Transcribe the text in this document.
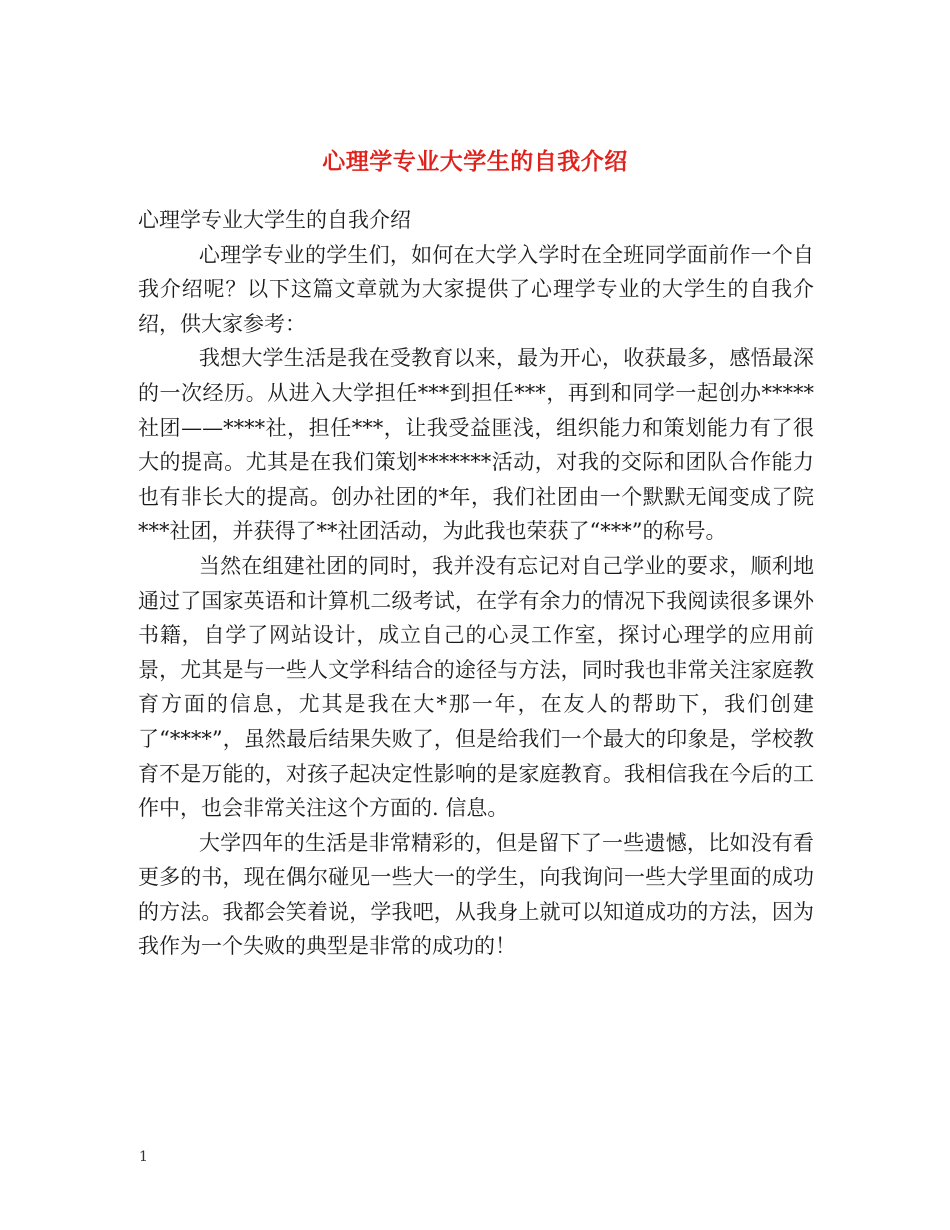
心理学专业大学生的自我介绍

心理学专业大学生的自我介绍

心理学专业的学生们，如何在大学入学时在全班同学面前作一个自我介绍呢？以下这篇文章就为大家提供了心理学专业的大学生的自我介绍，供大家参考：

我想大学生活是我在受教育以来，最为开心，收获最多，感悟最深的一次经历。从进入大学担任***到担任***，再到和同学一起创办*****社团——****社，担任***，让我受益匪浅，组织能力和策划能力有了很大的提高。尤其是在我们策划*******活动，对我的交际和团队合作能力也有非长大的提高。创办社团的*年，我们社团由一个默默无闻变成了院***社团，并获得了**社团活动，为此我也荣获了“***”的称号。

当然在组建社团的同时，我并没有忘记对自己学业的要求，顺利地通过了国家英语和计算机二级考试，在学有余力的情况下我阅读很多课外书籍，自学了网站设计，成立自己的心灵工作室，探讨心理学的应用前景，尤其是与一些人文学科结合的途径与方法，同时我也非常关注家庭教育方面的信息，尤其是我在大*那一年，在友人的帮助下，我们创建了“****”，虽然最后结果失败了，但是给我们一个最大的印象是，学校教育不是万能的，对孩子起决定性影响的是家庭教育。我相信我在今后的工作中，也会非常关注这个方面的. 信息。

大学四年的生活是非常精彩的，但是留下了一些遗憾，比如没有看更多的书，现在偶尔碰见一些大一的学生，向我询问一些大学里面的成功的方法。我都会笑着说，学我吧，从我身上就可以知道成功的方法，因为我作为一个失败的典型是非常的成功的！

1
